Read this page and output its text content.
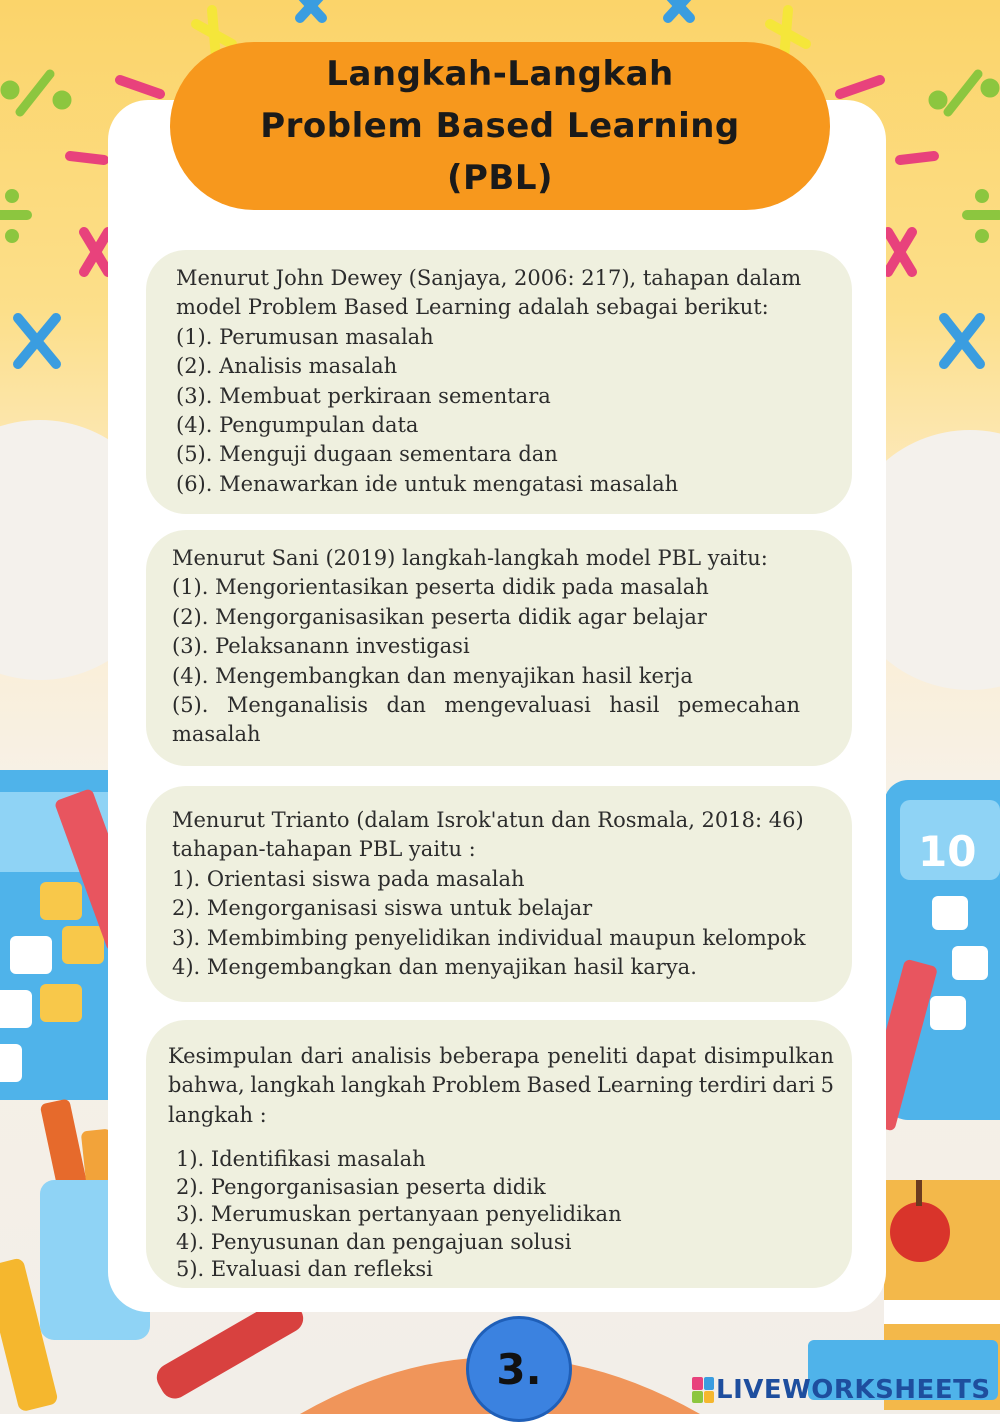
10
Langkah-Langkah
Problem Based Learning
(PBL)
Menurut John Dewey (Sanjaya, 2006: 217), tahapan dalam
model Problem Based Learning adalah sebagai berikut:
(1). Perumusan masalah
(2). Analisis masalah
(3). Membuat perkiraan sementara
(4). Pengumpulan data
(5). Menguji dugaan sementara dan
(6). Menawarkan ide untuk mengatasi masalah
Menurut Sani (2019) langkah-langkah model PBL yaitu:
(1). Mengorientasikan peserta didik pada masalah
(2). Mengorganisasikan peserta didik agar belajar
(3). Pelaksanann investigasi
(4). Mengembangkan dan menyajikan hasil kerja
(5). Menganalisis dan mengevaluasi hasil pemecahan
masalah
Menurut Trianto (dalam Isrok'atun dan Rosmala, 2018: 46)
tahapan-tahapan PBL yaitu :
1). Orientasi siswa pada masalah
2). Mengorganisasi siswa untuk belajar
3). Membimbing penyelidikan individual maupun kelompok
4). Mengembangkan dan menyajikan hasil karya.
Kesimpulan dari analisis beberapa peneliti dapat disimpulkan
bahwa, langkah langkah Problem Based Learning terdiri dari 5
langkah :
1). Identifikasi masalah
2). Pengorganisasian peserta didik
3). Merumuskan pertanyaan penyelidikan
4). Penyusunan dan pengajuan solusi
5). Evaluasi dan refleksi
3.	LIVEWORKSHEETS
